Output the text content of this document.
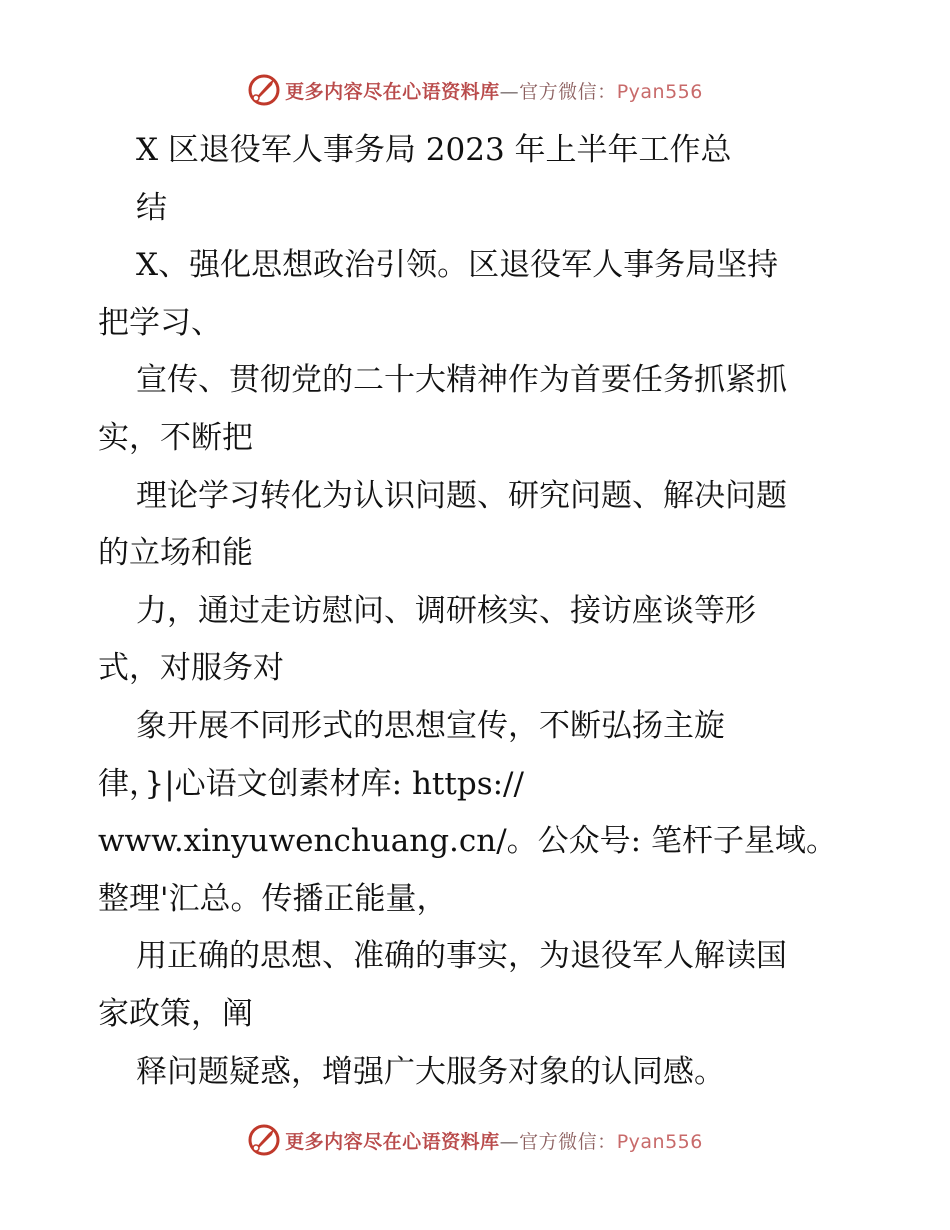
更多内容尽在心语资料库—官方微信：Pyan556
X 区退役军人事务局 2023 年上半年工作总
结
X、强化思想政治引领。区退役军人事务局坚持
把学习、
宣传、贯彻党的二十大精神作为首要任务抓紧抓
实，不断把
理论学习转化为认识问题、研究问题、解决问题
的立场和能
力，通过走访慰问、调研核实、接访座谈等形
式，对服务对
象开展不同形式的思想宣传，不断弘扬主旋
律，}|心语文创素材库: https://
www.xinyuwenchuang.cn/。公众号: 笔杆子星域。
整理'汇总。传播正能量，
用正确的思想、准确的事实，为退役军人解读国
家政策，阐
释问题疑惑，增强广大服务对象的认同感。
更多内容尽在心语资料库—官方微信：Pyan556
